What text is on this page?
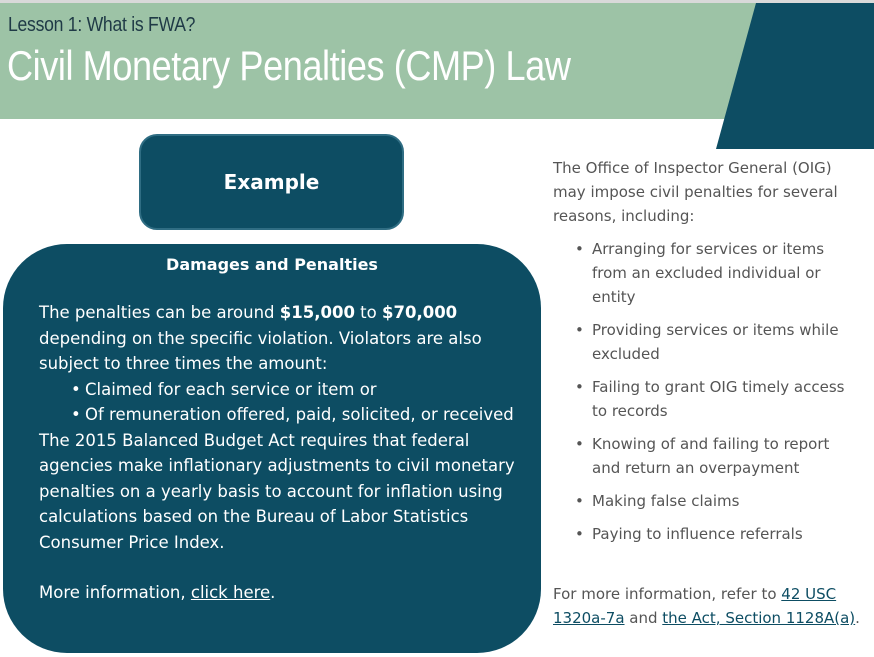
Lesson 1: What is FWA?
Civil Monetary Penalties (CMP) Law
Example
Damages and Penalties

The penalties can be around $15,000 to $70,000 depending on the specific violation. Violators are also subject to three times the amount:

• Claimed for each service or item or
• Of remuneration offered, paid, solicited, or received

The 2015 Balanced Budget Act requires that federal agencies make inflationary adjustments to civil monetary penalties on a yearly basis to account for inflation using calculations based on the Bureau of Labor Statistics Consumer Price Index.

More information, click here.

The Office of Inspector General (OIG) may impose civil penalties for several reasons, including:

• Arranging for services or items from an excluded individual or entity
• Providing services or items while excluded
• Failing to grant OIG timely access to records
• Knowing of and failing to report and return an overpayment
• Making false claims
• Paying to influence referrals
For more information, refer to 42 USC 1320a-7a and the Act, Section 1128A(a).
